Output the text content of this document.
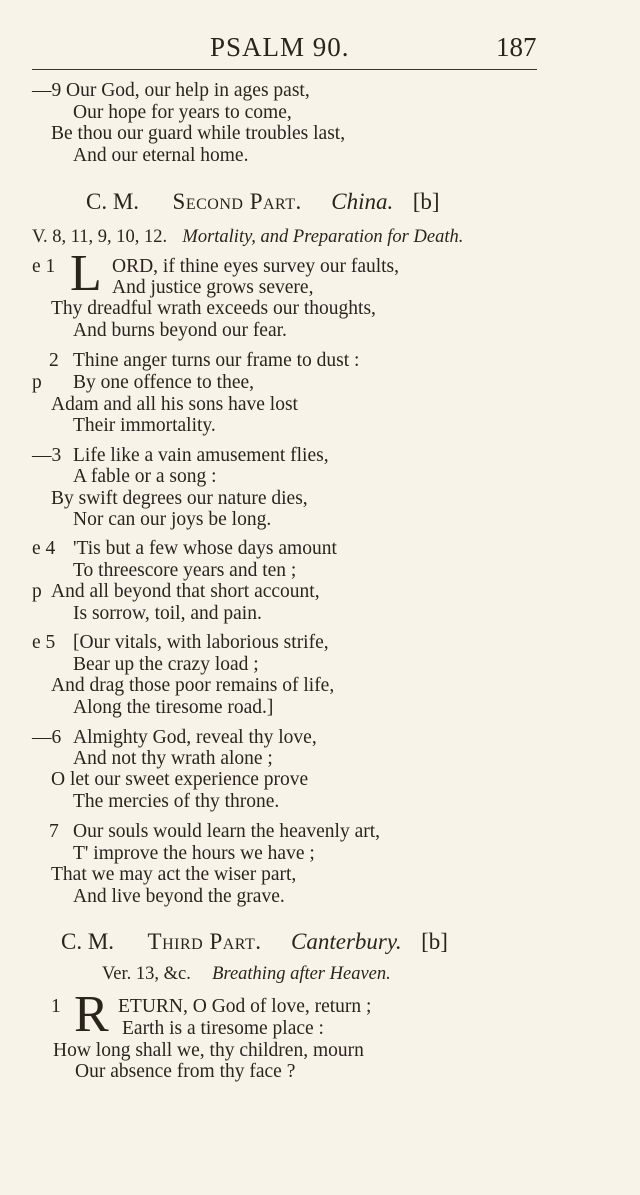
PSALM 90.	187
—9 Our God, our help in ages past,
Our hope for years to come,
Be thou our guard while troubles last,
And our eternal home.
C. M. Second Part. China. [b]
V. 8, 11, 9, 10, 12. Mortality, and Preparation for Death.
e 1 L ORD, if thine eyes survey our faults,
And justice grows severe,
Thy dreadful wrath exceeds our thoughts,
And burns beyond our fear.
2 Thine anger turns our frame to dust :
p By one offence to thee,
Adam and all his sons have lost
Their immortality.
—3 Life like a vain amusement flies,
A fable or a song :
By swift degrees our nature dies,
Nor can our joys be long.
e 4 'Tis but a few whose days amount
To threescore years and ten ;
p And all beyond that short account,
Is sorrow, toil, and pain.
e 5 [Our vitals, with laborious strife,
Bear up the crazy load ;
And drag those poor remains of life,
Along the tiresome road.]
—6 Almighty God, reveal thy love,
And not thy wrath alone ;
O let our sweet experience prove
The mercies of thy throne.
7 Our souls would learn the heavenly art,
T' improve the hours we have ;
That we may act the wiser part,
And live beyond the grave.
C. M. Third Part. Canterbury. [b]
Ver. 13, &c. Breathing after Heaven.
1 R ETURN, O God of love, return ;
Earth is a tiresome place :
How long shall we, thy children, mourn
Our absence from thy face ?
